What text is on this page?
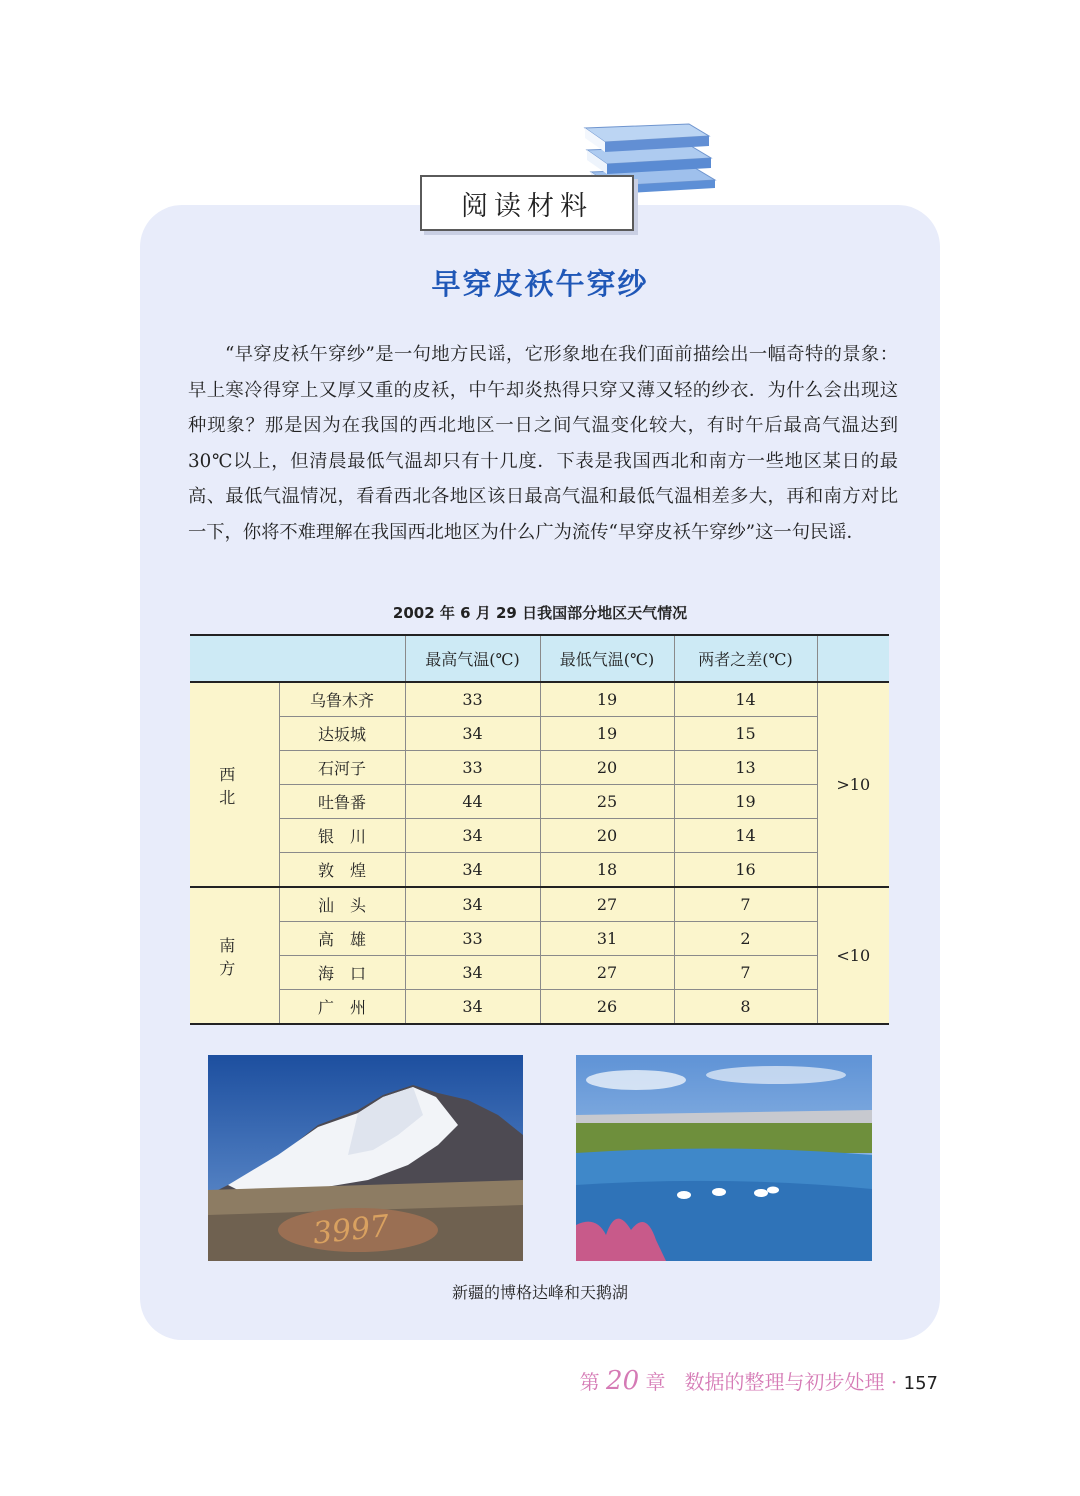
阅读材料
早穿皮袄午穿纱

“早穿皮袄午穿纱”是一句地方民谣，它形象地在我们面前描绘出一幅奇特的景象：早上寒冷得穿上又厚又重的皮袄，中午却炎热得只穿又薄又轻的纱衣．为什么会出现这种现象？那是因为在我国的西北地区一日之间气温变化较大，有时午后最高气温达到30℃以上，但清晨最低气温却只有十几度．下表是我国西北和南方一些地区某日的最高、最低气温情况，看看西北各地区该日最高气温和最低气温相差多大，再和南方对比一下，你将不难理解在我国西北地区为什么广为流传“早穿皮袄午穿纱”这一句民谣．

2002 年 6 月 29 日我国部分地区天气情况
		最高气温(℃)	最低气温(℃)	两者之差(℃)	
西　北	乌鲁木齐	33	19	14	>10
	达坂城	34	19	15	
	石河子	33	20	13	
	吐鲁番	44	25	19	
	银　川	34	20	14	
	敦　煌	34	18	16	
南　方	汕　头	34	27	7	<10
	高　雄	33	31	2	
	海　口	34	27	7	
	广　州	34	26	8	
3997
新疆的博格达峰和天鹅湖
第 20 章 数据的整理与初步处理 · 157
